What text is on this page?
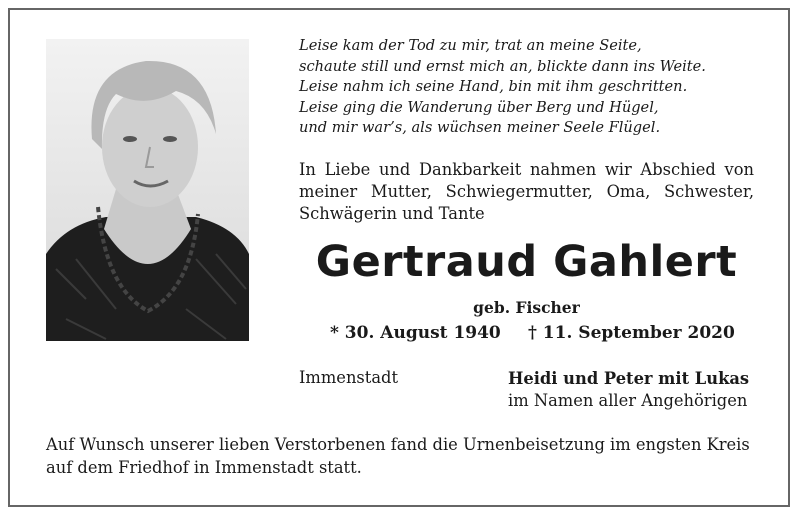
Leise kam der Tod zu mir, trat an meine Seite,
schaute still und ernst mich an, blickte dann ins Weite.
Leise nahm ich seine Hand, bin mit ihm geschritten.
Leise ging die Wanderung über Berg und Hügel,
und mir war’s, als wüchsen meiner Seele Flügel.
In Liebe und Dankbarkeit nahmen wir Abschied von meiner Mutter, Schwiegermutter, Oma, Schwester, Schwägerin und Tante
Gertraud Gahlert
geb. Fischer
* 30. August 1940 † 11. September 2020
Immenstadt	Heidi und Peter mit Lukas
im Namen aller Angehörigen
Auf Wunsch unserer lieben Verstorbenen fand die Urnenbeisetzung im engsten Kreis auf dem Friedhof in Immenstadt statt.
